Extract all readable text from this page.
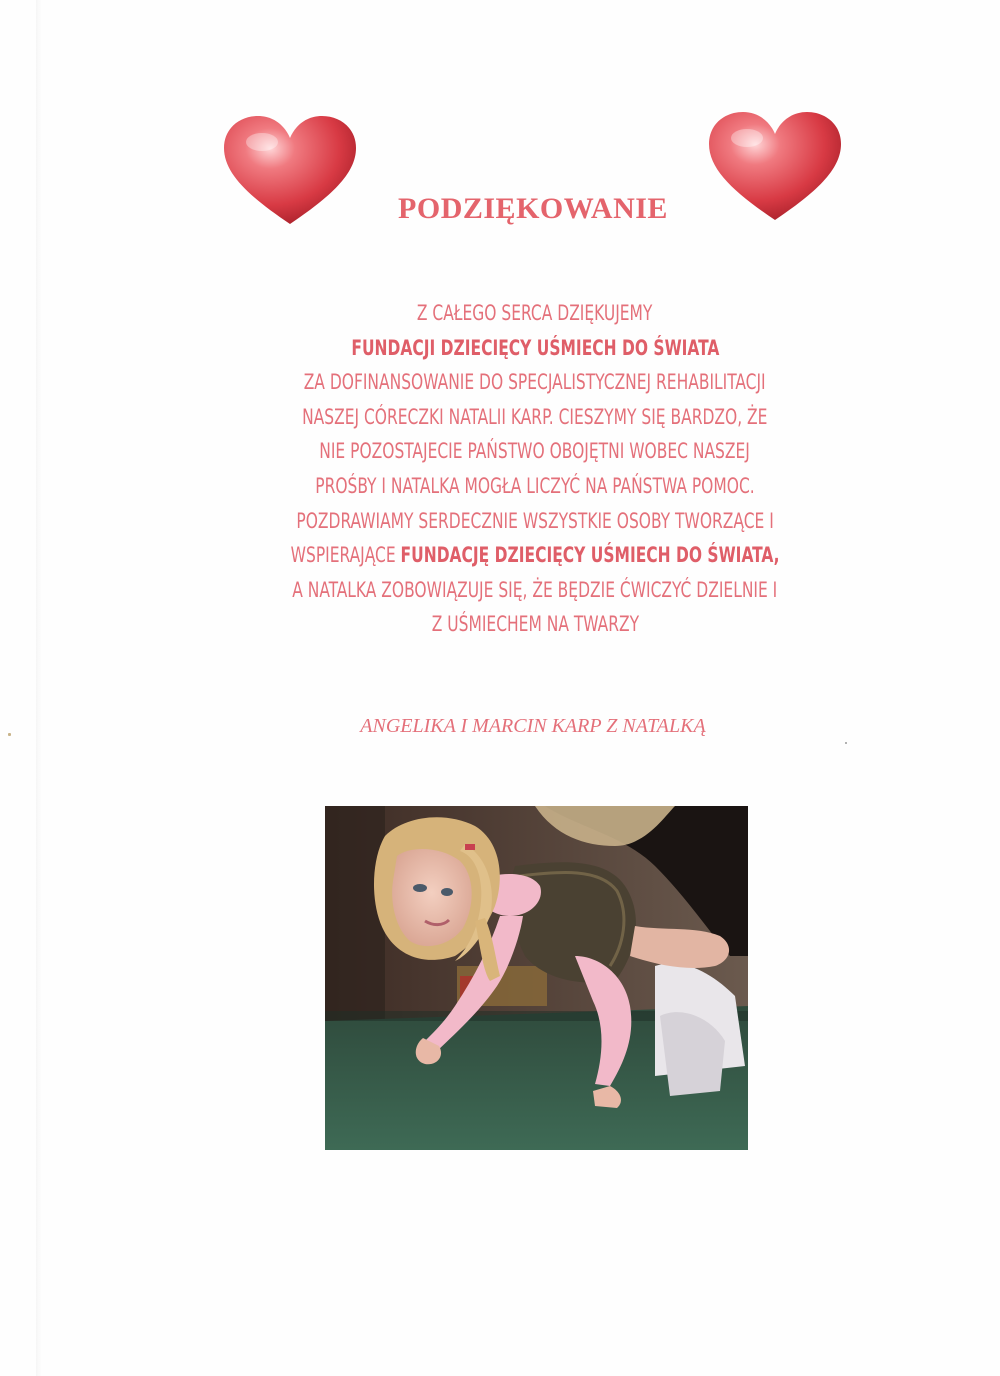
PODZIĘKOWANIE
Z CAŁEGO SERCA DZIĘKUJEMY
FUNDACJI DZIECIĘCY UŚMIECH DO ŚWIATA
ZA DOFINANSOWANIE DO SPECJALISTYCZNEJ REHABILITACJI
NASZEJ CÓRECZKI NATALII KARP. CIESZYMY SIĘ BARDZO, ŻE
NIE POZOSTAJECIE PAŃSTWO OBOJĘTNI WOBEC NASZEJ
PROŚBY I NATALKA MOGŁA LICZYĆ NA PAŃSTWA POMOC.
POZDRAWIAMY SERDECZNIE WSZYSTKIE OSOBY TWORZĄCE I
WSPIERAJĄCE FUNDACJĘ DZIECIĘCY UŚMIECH DO ŚWIATA,
A NATALKA ZOBOWIĄZUJE SIĘ, ŻE BĘDZIE ĆWICZYĆ DZIELNIE I
Z UŚMIECHEM NA TWARZY
ANGELIKA I MARCIN KARP Z NATALKĄ
